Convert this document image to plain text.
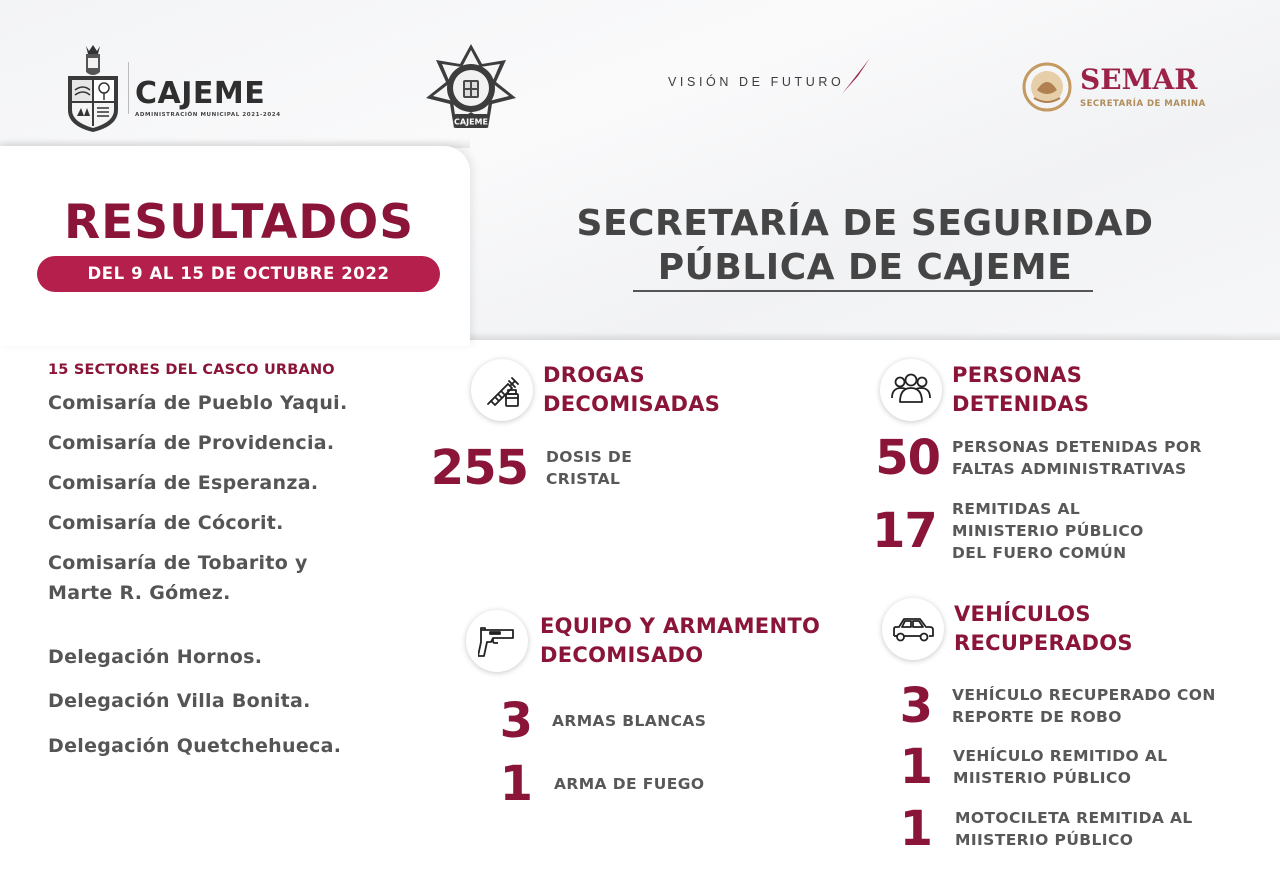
CAJEME
ADMINISTRACIÓN MUNICIPAL 2021-2024
CAJEME
VISIÓN DE FUTURO	SEMAR
SECRETARÍA DE MARINA
RESULTADOS
DEL 9 AL 15 DE OCTUBRE 2022
SECRETARÍA DE SEGURIDAD
PÚBLICA DE CAJEME
15 SECTORES DEL CASCO URBANO
Comisaría de Pueblo Yaqui.
Comisaría de Providencia.
Comisaría de Esperanza.
Comisaría de Cócorit.
Comisaría de Tobarito y
Marte R. Gómez.
Delegación Hornos.
Delegación Villa Bonita.
Delegación Quetchehueca.
DROGAS
DECOMISADAS
255 DOSIS DE
CRISTAL
PERSONAS
DETENIDAS
50 PERSONAS DETENIDAS POR
FALTAS ADMINISTRATIVAS
17 REMITIDAS AL
MINISTERIO PÚBLICO
DEL FUERO COMÚN
EQUIPO Y ARMAMENTO
DECOMISADO
3 ARMAS BLANCAS
1 ARMA DE FUEGO
VEHÍCULOS
RECUPERADOS
3 VEHÍCULO RECUPERADO CON
REPORTE DE ROBO
1 VEHÍCULO REMITIDO AL
MIISTERIO PÚBLICO
1 MOTOCILETA REMITIDA AL
MIISTERIO PÚBLICO
